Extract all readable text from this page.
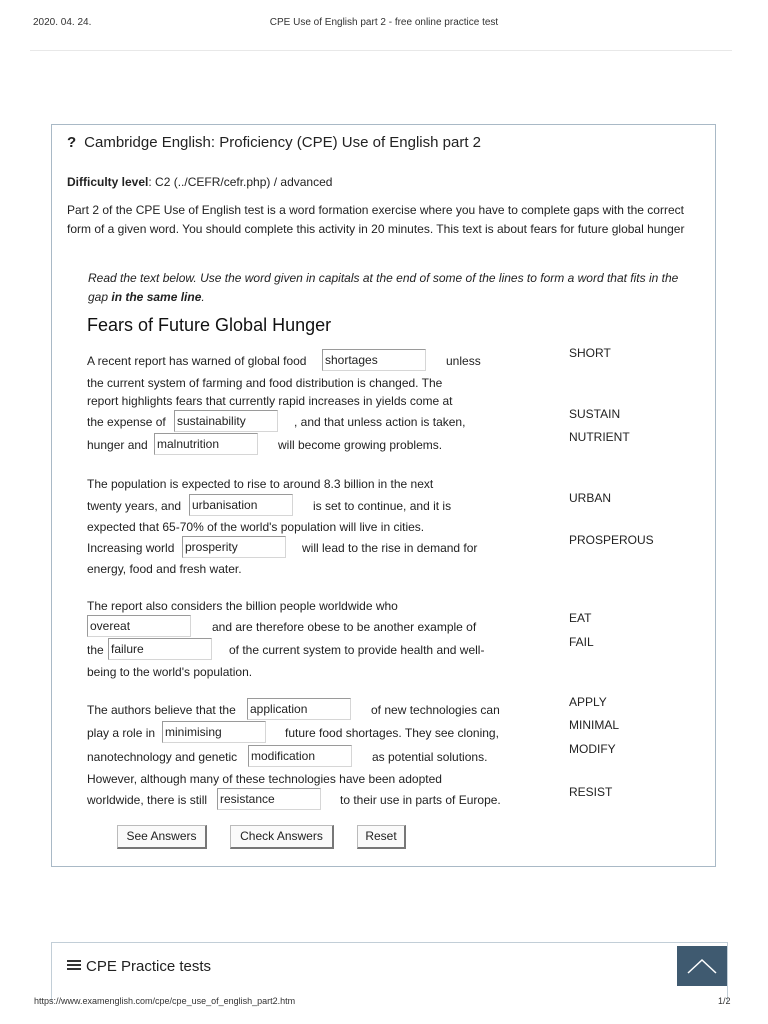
2020. 04. 24.	CPE Use of English part 2 - free online practice test
? Cambridge English: Proficiency (CPE) Use of English part 2
Difficulty level: C2 (../CEFR/cefr.php) / advanced
Part 2 of the CPE Use of English test is a word formation exercise where you have to complete gaps with the correct form of a given word. You should complete this activity in 20 minutes. This text is about fears for future global hunger
Read the text below. Use the word given in capitals at the end of some of the lines to form a word that fits in the gap in the same line.
Fears of Future Global Hunger
A recent report has warned of global food shortages	unless
SHORT
the current system of farming and food distribution is changed. The
report highlights fears that currently rapid increases in yields come at
the expense of sustainability	, and that unless action is taken,
SUSTAIN
hunger and malnutrition	will become growing problems.
NUTRIENT
The population is expected to rise to around 8.3 billion in the next
twenty years, and urbanisation	is set to continue, and it is
URBAN
expected that 65-70% of the world's population will live in cities.
Increasing world prosperity	will lead to the rise in demand for
PROSPEROUS
energy, food and fresh water.
The report also considers the billion people worldwide who
overeat	and are therefore obese to be another example of
EAT
the failure	of the current system to provide health and well-
FAIL
being to the world's population.
The authors believe that the application	of new technologies can
APPLY
play a role in minimising	future food shortages. They see cloning,
MINIMAL
nanotechnology and genetic modification	as potential solutions.
MODIFY
However, although many of these technologies have been adopted
worldwide, there is still resistance	to their use in parts of Europe.
RESIST
See Answers	Check Answers	Reset
CPE Practice tests
https://www.examenglish.com/cpe/cpe_use_of_english_part2.htm	1/2
